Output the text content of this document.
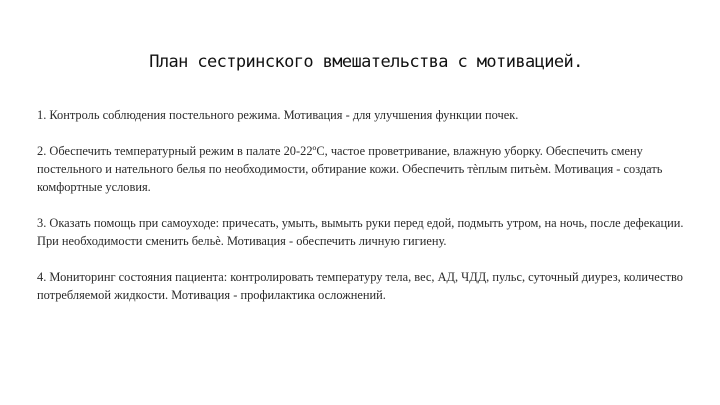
План сестринского вмешательства с мотивацией.

1. Контроль соблюдения постельного режима. Мотивация - для улучшения функции почек.

2. Обеспечить температурный режим в палате 20-22ºС, частое проветривание, влажную уборку. Обеспечить смену постельного и нательного белья по необходимости, обтирание кожи. Обеспечить тѐплым питьѐм. Мотивация - создать комфортные условия.

3. Оказать помощь при самоуходе: причесать, умыть, вымыть руки перед едой, подмыть утром, на ночь, после дефекации. При необходимости сменить бельѐ. Мотивация - обеспечить личную гигиену.

4. Мониторинг состояния пациента: контролировать температуру тела, вес, АД, ЧДД, пульс, суточный диурез, количество потребляемой жидкости. Мотивация - профилактика осложнений.
